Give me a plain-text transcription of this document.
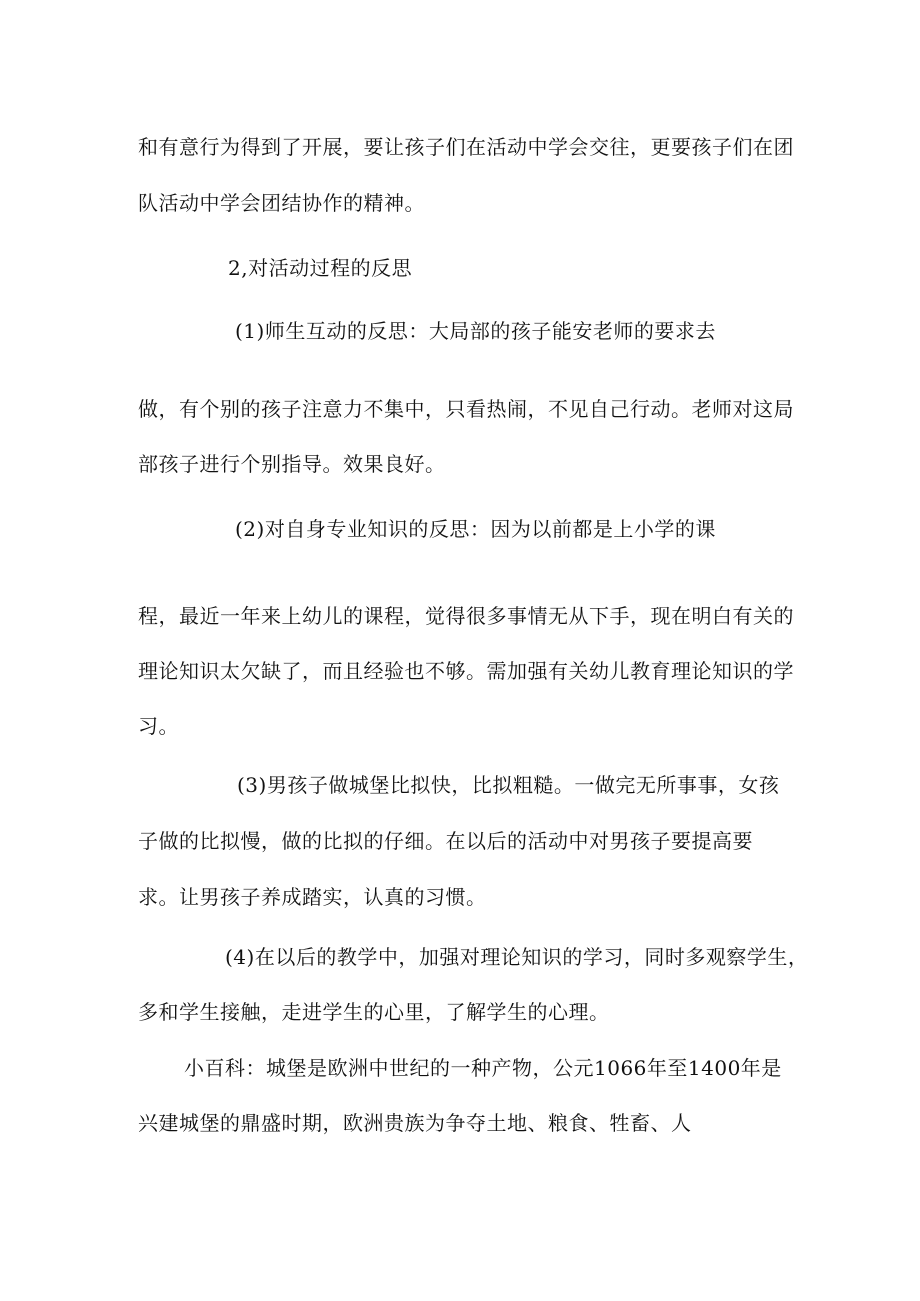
和有意行为得到了开展，要让孩子们在活动中学会交往，更要孩子们在团
队活动中学会团结协作的精神。
2,对活动过程的反思
(1)师生互动的反思：大局部的孩子能安老师的要求去
做，有个别的孩子注意力不集中，只看热闹，不见自己行动。老师对这局
部孩子进行个别指导。效果良好。
(2)对自身专业知识的反思：因为以前都是上小学的课
程，最近一年来上幼儿的课程，觉得很多事情无从下手，现在明白有关的
理论知识太欠缺了，而且经验也不够。需加强有关幼儿教育理论知识的学
习。
(3)男孩子做城堡比拟快，比拟粗糙。一做完无所事事，女孩
子做的比拟慢，做的比拟的仔细。在以后的活动中对男孩子要提高要
求。让男孩子养成踏实，认真的习惯。
(4)在以后的教学中，加强对理论知识的学习，同时多观察学生，
多和学生接触，走进学生的心里，了解学生的心理。
小百科：城堡是欧洲中世纪的一种产物，公元1066年至1400年是
兴建城堡的鼎盛时期，欧洲贵族为争夺土地、粮食、牲畜、人
